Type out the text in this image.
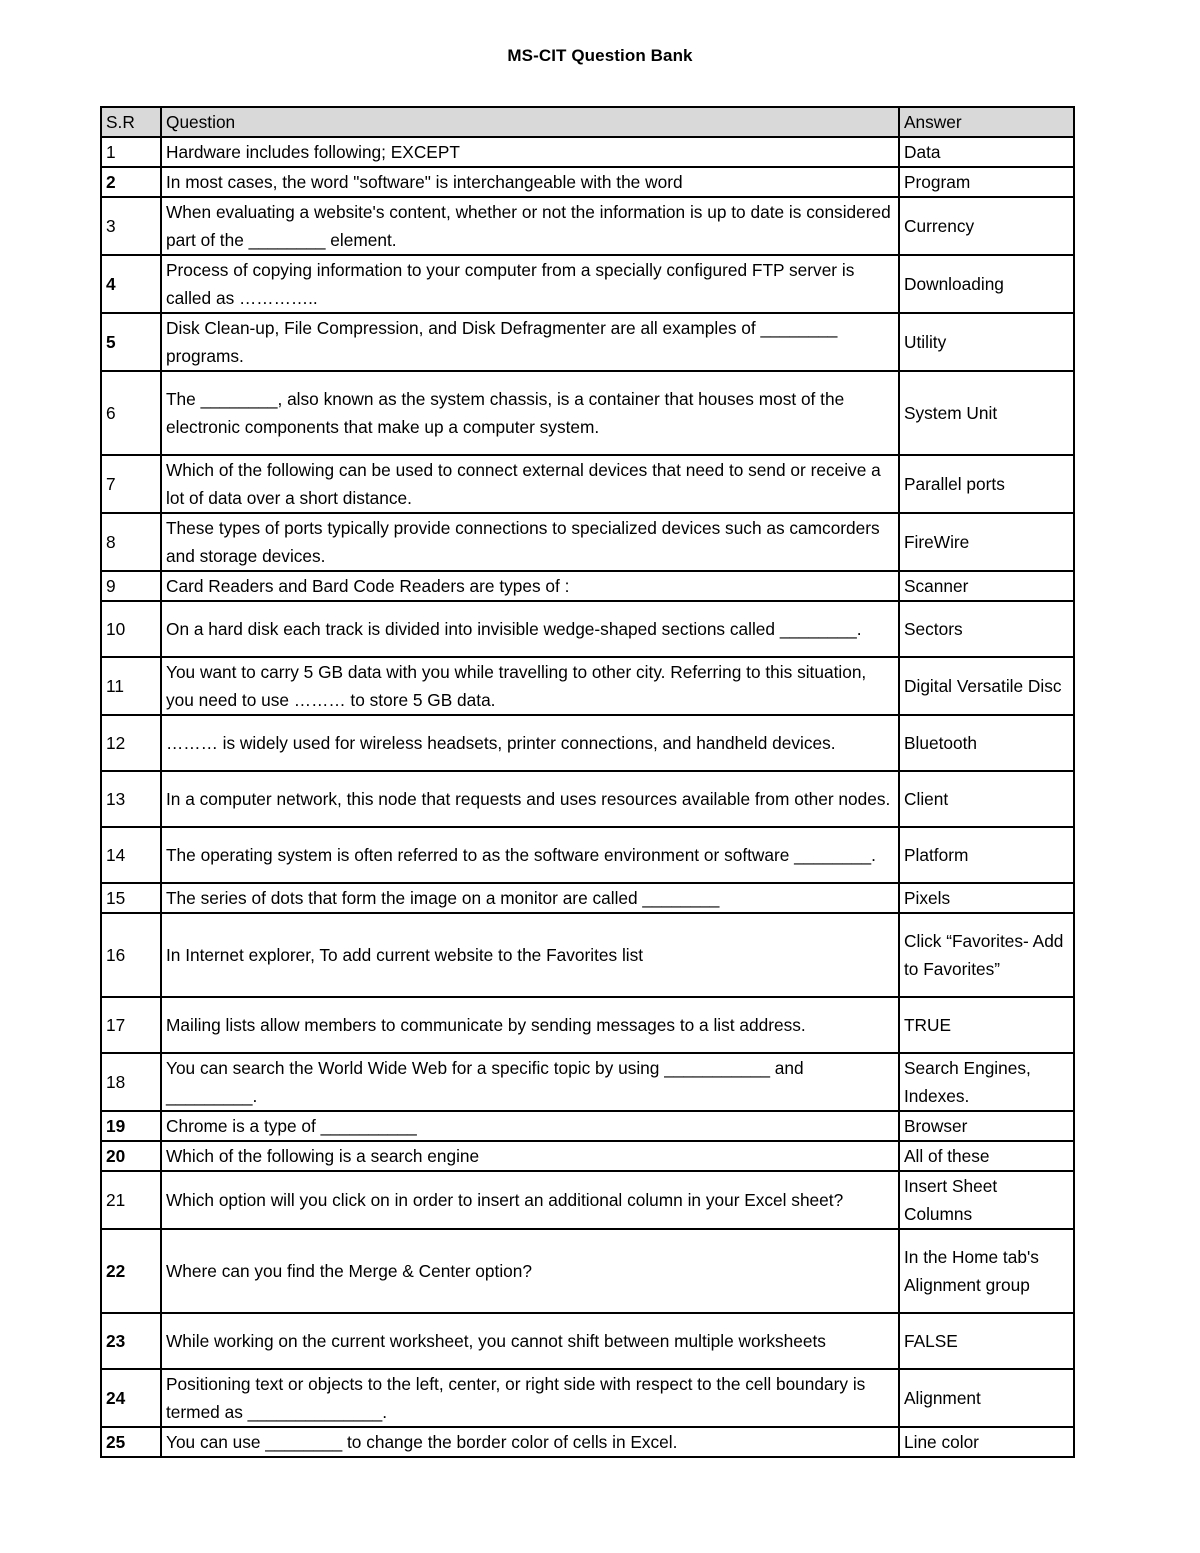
MS-CIT Question Bank
S.R	Question	Answer
1	Hardware includes following; EXCEPT	Data
2	In most cases, the word "software" is interchangeable with the word	Program
3	When evaluating a website's content, whether or not the information is up to date is considered part of the ________ element.	Currency
4	Process of copying information to your computer from a specially configured FTP server is called as …………..	Downloading
5	Disk Clean-up, File Compression, and Disk Defragmenter are all examples of ________ programs.	Utility
6	The ________, also known as the system chassis, is a container that houses most of the electronic components that make up a computer system.	System Unit
7	Which of the following can be used to connect external devices that need to send or receive a lot of data over a short distance.	Parallel ports
8	These types of ports typically provide connections to specialized devices such as camcorders and storage devices.	FireWire
9	Card Readers and Bard Code Readers are types of :	Scanner
10	On a hard disk each track is divided into invisible wedge-shaped sections called ________.	Sectors
11	You want to carry 5 GB data with you while travelling to other city. Referring to this situation, you need to use ……… to store 5 GB data.	Digital Versatile Disc
12	……… is widely used for wireless headsets, printer connections, and handheld devices.	Bluetooth
13	In a computer network, this node that requests and uses resources available from other nodes.	Client
14	The operating system is often referred to as the software environment or software ________.	Platform
15	The series of dots that form the image on a monitor are called ________	Pixels
16	In Internet explorer, To add current website to the Favorites list	Click “Favorites- Add to Favorites”
17	Mailing lists allow members to communicate by sending messages to a list address.	TRUE
18	You can search the World Wide Web for a specific topic by using ___________ and _________.	Search Engines, Indexes.
19	Chrome is a type of __________	Browser
20	Which of the following is a search engine	All of these
21	Which option will you click on in order to insert an additional column in your Excel sheet?	Insert Sheet Columns
22	Where can you find the Merge & Center option?	In the Home tab's Alignment group
23	While working on the current worksheet, you cannot shift between multiple worksheets	FALSE
24	Positioning text or objects to the left, center, or right side with respect to the cell boundary is termed as ______________.	Alignment
25	You can use ________ to change the border color of cells in Excel.	Line color
